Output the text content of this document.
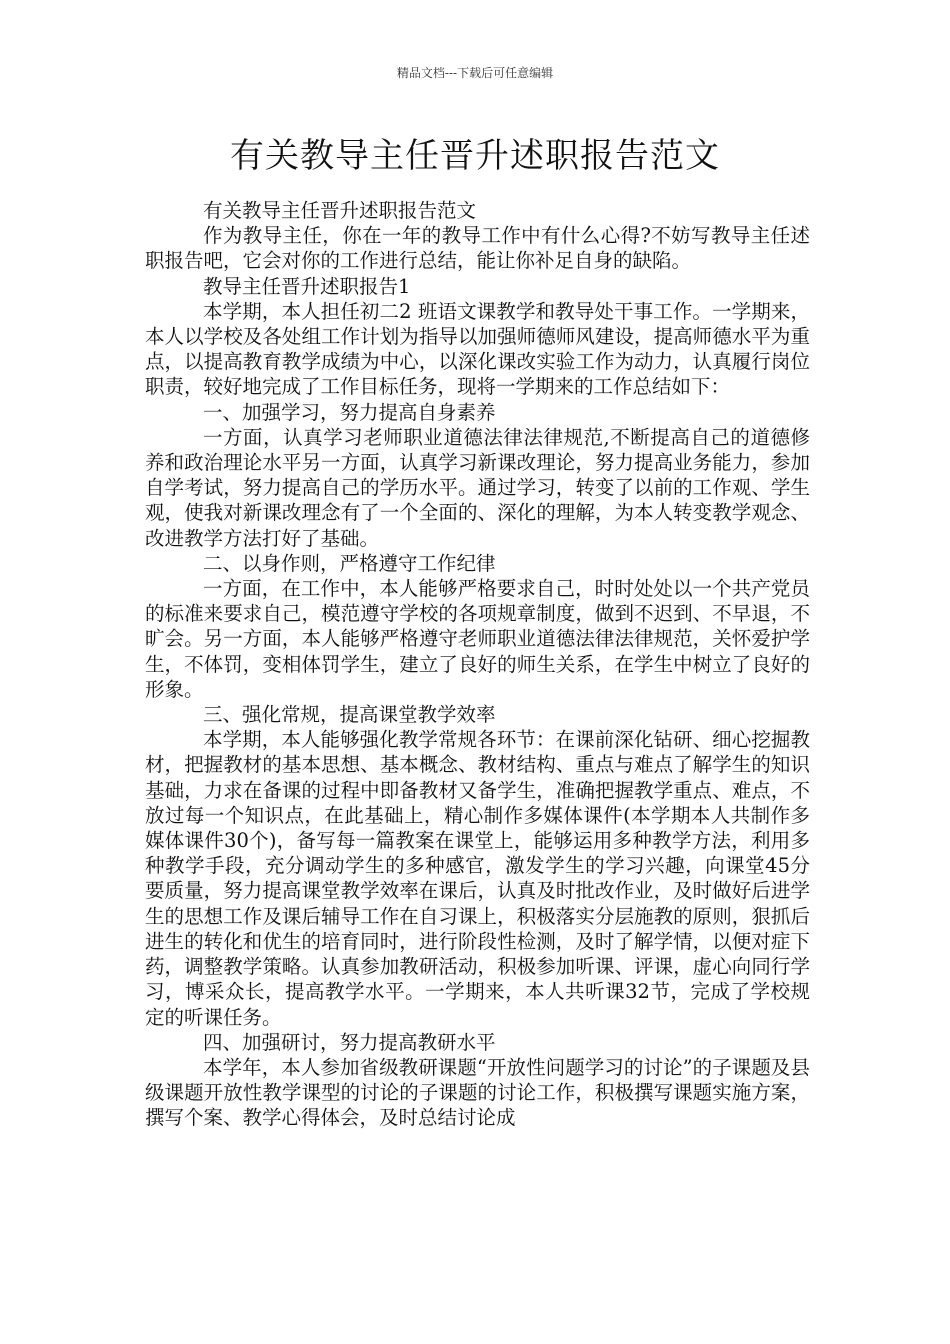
精品文档---下载后可任意编辑
有关教导主任晋升述职报告范文

有关教导主任晋升述职报告范文

作为教导主任，你在一年的教导工作中有什么心得?不妨写教导主任述职报告吧，它会对你的工作进行总结，能让你补足自身的缺陷。

教导主任晋升述职报告1

本学期，本人担任初二2 班语文课教学和教导处干事工作。一学期来，本人以学校及各处组工作计划为指导以加强师德师风建设，提高师德水平为重点，以提高教育教学成绩为中心，以深化课改实验工作为动力，认真履行岗位职责，较好地完成了工作目标任务，现将一学期来的工作总结如下：

一、加强学习，努力提高自身素养

一方面，认真学习老师职业道德法律法律规范,不断提高自己的道德修养和政治理论水平另一方面，认真学习新课改理论，努力提高业务能力，参加自学考试，努力提高自己的学历水平。通过学习，转变了以前的工作观、学生观，使我对新课改理念有了一个全面的、深化的理解，为本人转变教学观念、改进教学方法打好了基础。

二、以身作则，严格遵守工作纪律

一方面，在工作中，本人能够严格要求自己，时时处处以一个共产党员的标准来要求自己，模范遵守学校的各项规章制度，做到不迟到、不早退，不旷会。另一方面，本人能够严格遵守老师职业道德法律法律规范，关怀爱护学生，不体罚，变相体罚学生，建立了良好的师生关系，在学生中树立了良好的形象。

三、强化常规，提高课堂教学效率

本学期，本人能够强化教学常规各环节：在课前深化钻研、细心挖掘教材，把握教材的基本思想、基本概念、教材结构、重点与难点了解学生的知识基础，力求在备课的过程中即备教材又备学生，准确把握教学重点、难点，不放过每一个知识点，在此基础上，精心制作多媒体课件(本学期本人共制作多媒体课件30个)，备写每一篇教案在课堂上，能够运用多种教学方法，利用多种教学手段，充分调动学生的多种感官，激发学生的学习兴趣，向课堂45分要质量，努力提高课堂教学效率在课后，认真及时批改作业，及时做好后进学生的思想工作及课后辅导工作在自习课上，积极落实分层施教的原则，狠抓后进生的转化和优生的培育同时，进行阶段性检测，及时了解学情，以便对症下药，调整教学策略。认真参加教研活动，积极参加听课、评课，虚心向同行学习，博采众长，提高教学水平。一学期来，本人共听课32节，完成了学校规定的听课任务。

四、加强研讨，努力提高教研水平

本学年，本人参加省级教研课题“开放性问题学习的讨论”的子课题及县级课题开放性教学课型的讨论的子课题的讨论工作，积极撰写课题实施方案，撰写个案、教学心得体会，及时总结讨论成
